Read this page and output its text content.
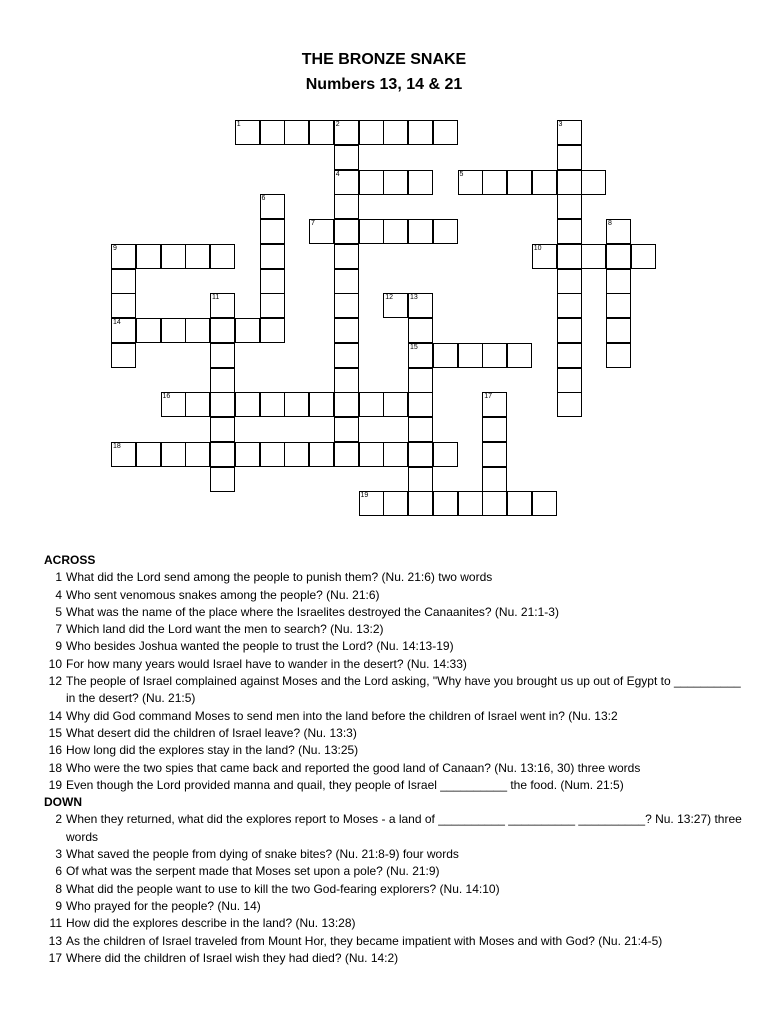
THE BRONZE SNAKE
Numbers 13, 14 & 21
1	2
4
3
5
6
7	8
9
14
10
11	12 13
15
16	17
18
19
ACROSS
1 What did the Lord send among the people to punish them? (Nu. 21:6) two words
4 Who sent venomous snakes among the people? (Nu. 21:6)
5 What was the name of the place where the Israelites destroyed the Canaanites? (Nu. 21:1-3)
7 Which land did the Lord want the men to search? (Nu. 13:2)
9 Who besides Joshua wanted the people to trust the Lord? (Nu. 14:13-19)
10 For how many years would Israel have to wander in the desert? (Nu. 14:33)
12 The people of Israel complained against Moses and the Lord asking, "Why have you brought us up out of Egypt to __________ in the desert? (Nu. 21:5)
14 Why did God command Moses to send men into the land before the children of Israel went in? (Nu. 13:2
15 What desert did the children of Israel leave? (Nu. 13:3)
16 How long did the explores stay in the land? (Nu. 13:25)
18 Who were the two spies that came back and reported the good land of Canaan? (Nu. 13:16, 30) three words
19 Even though the Lord provided manna and quail, they people of Israel __________ the food. (Num. 21:5)
DOWN
2 When they returned, what did the explores report to Moses - a land of __________ __________ __________? Nu. 13:27) three words
3 What saved the people from dying of snake bites? (Nu. 21:8-9) four words
6 Of what was the serpent made that Moses set upon a pole? (Nu. 21:9)
8 What did the people want to use to kill the two God-fearing explorers? (Nu. 14:10)
9 Who prayed for the people? (Nu. 14)
11 How did the explores describe in the land? (Nu. 13:28)
13 As the children of Israel traveled from Mount Hor, they became impatient with Moses and with God? (Nu. 21:4-5)
17 Where did the children of Israel wish they had died? (Nu. 14:2)
